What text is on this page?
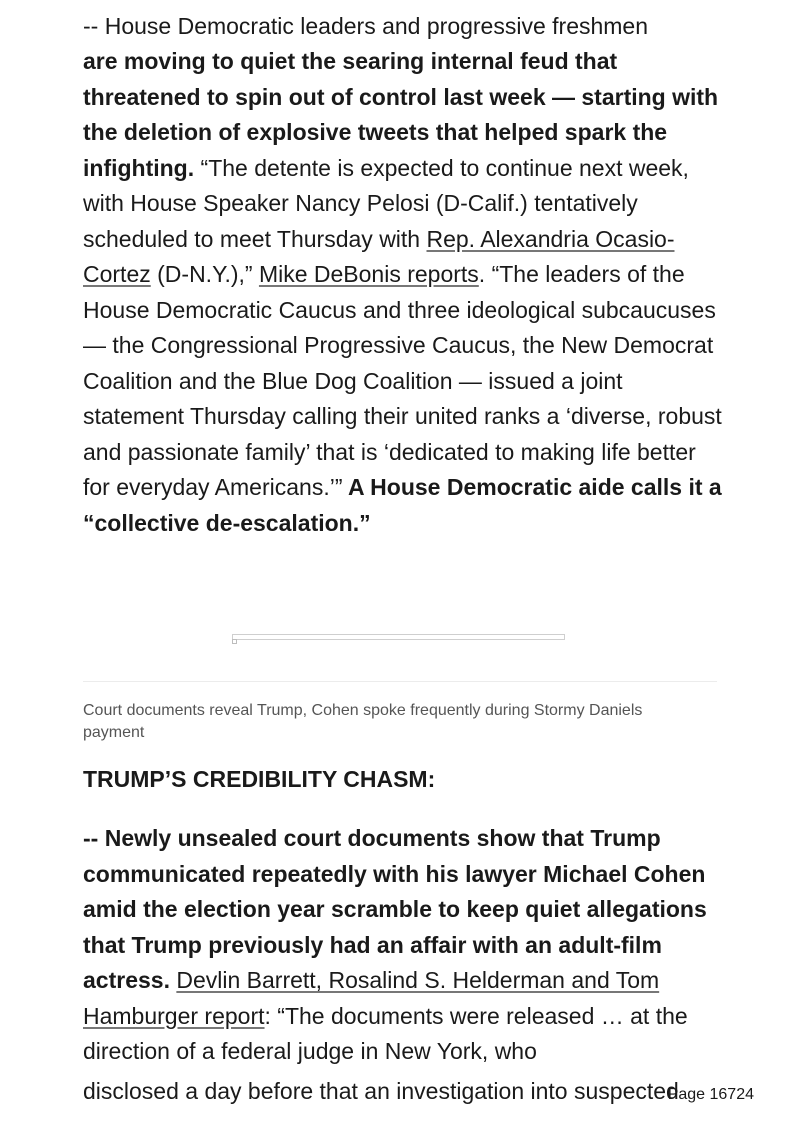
-- House Democratic leaders and progressive freshmen

are moving to quiet the searing internal feud that threatened to spin out of control last week — starting with the deletion of explosive tweets that helped spark the infighting. “The detente is expected to continue next week, with House Speaker Nancy Pelosi (D-Calif.) tentatively scheduled to meet Thursday with Rep. Alexandria Ocasio-Cortez (D-N.Y.),” Mike DeBonis reports. “The leaders of the House Democratic Caucus and three ideological subcaucuses — the Congressional Progressive Caucus, the New Democrat Coalition and the Blue Dog Coalition — issued a joint statement Thursday calling their united ranks a ‘diverse, robust and passionate family’ that is ‘dedicated to making life better for everyday Americans.’” A House Democratic aide calls it a “collective de-escalation.”

Court documents reveal Trump, Cohen spoke frequently during Stormy Daniels payment

TRUMP’S CREDIBILITY CHASM:

-- Newly unsealed court documents show that Trump communicated repeatedly with his lawyer Michael Cohen amid the election year scramble to keep quiet allegations that Trump previously had an affair with an adult-film actress. Devlin Barrett, Rosalind S. Helderman and Tom Hamburger report: “The documents were released … at the direction of a federal judge in New York, who

disclosed a day before that an investigation into suspected
Page 16724
